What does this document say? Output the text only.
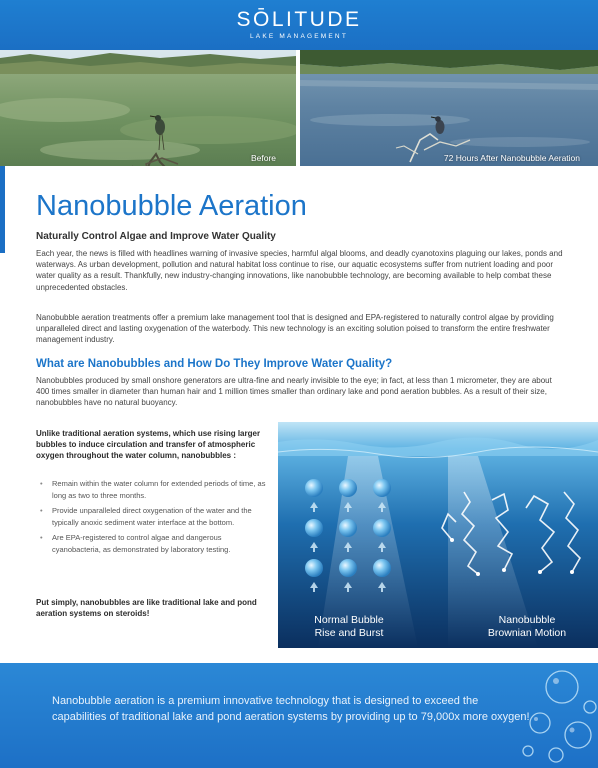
SŌLITUDE
LAKE MANAGEMENT
Before	72 Hours After Nanobubble Aeration
Nanobubble Aeration
Naturally Control Algae and Improve Water Quality
Each year, the news is filled with headlines warning of invasive species, harmful algal blooms, and deadly cyanotoxins plaguing our lakes, ponds and waterways. As urban development, pollution and natural habitat loss continue to rise, our aquatic ecosystems suffer from nutrient loading and poor water quality as a result. Thankfully, new industry-changing innovations, like nanobubble technology, are becoming available to help combat these unprecedented obstacles.
Nanobubble aeration treatments offer a premium lake management tool that is designed and EPA-registered to naturally control algae by providing unparalleled direct and lasting oxygenation of the waterbody. This new technology is an exciting solution poised to transform the entire freshwater management industry.
What are Nanobubbles and How Do They Improve Water Quality?
Nanobubbles produced by small onshore generators are ultra-fine and nearly invisible to the eye; in fact, at less than 1 micrometer, they are about 400 times smaller in diameter than human hair and 1 million times smaller than ordinary lake and pond aeration bubbles. As a result of their size, nanobubbles have no natural buoyancy.
Unlike traditional aeration systems, which use rising larger bubbles to induce circulation and transfer of atmospheric oxygen throughout the water column, nanobubbles :
• Remain within the water column for extended periods of time, as long as two to three months.
• Provide unparalleled direct oxygenation of the water and the typically anoxic sediment water interface at the bottom.
• Are EPA-registered to control algae and dangerous cyanobacteria, as demonstrated by laboratory testing.
Put simply, nanobubbles are like traditional lake and pond aeration systems on steroids!
Normal Bubble
Rise and Burst
Nanobubble
Brownian Motion
Nanobubble aeration is a premium innovative technology that is designed to exceed the capabilities of traditional lake and pond aeration systems by providing up to 79,000x more oxygen!
